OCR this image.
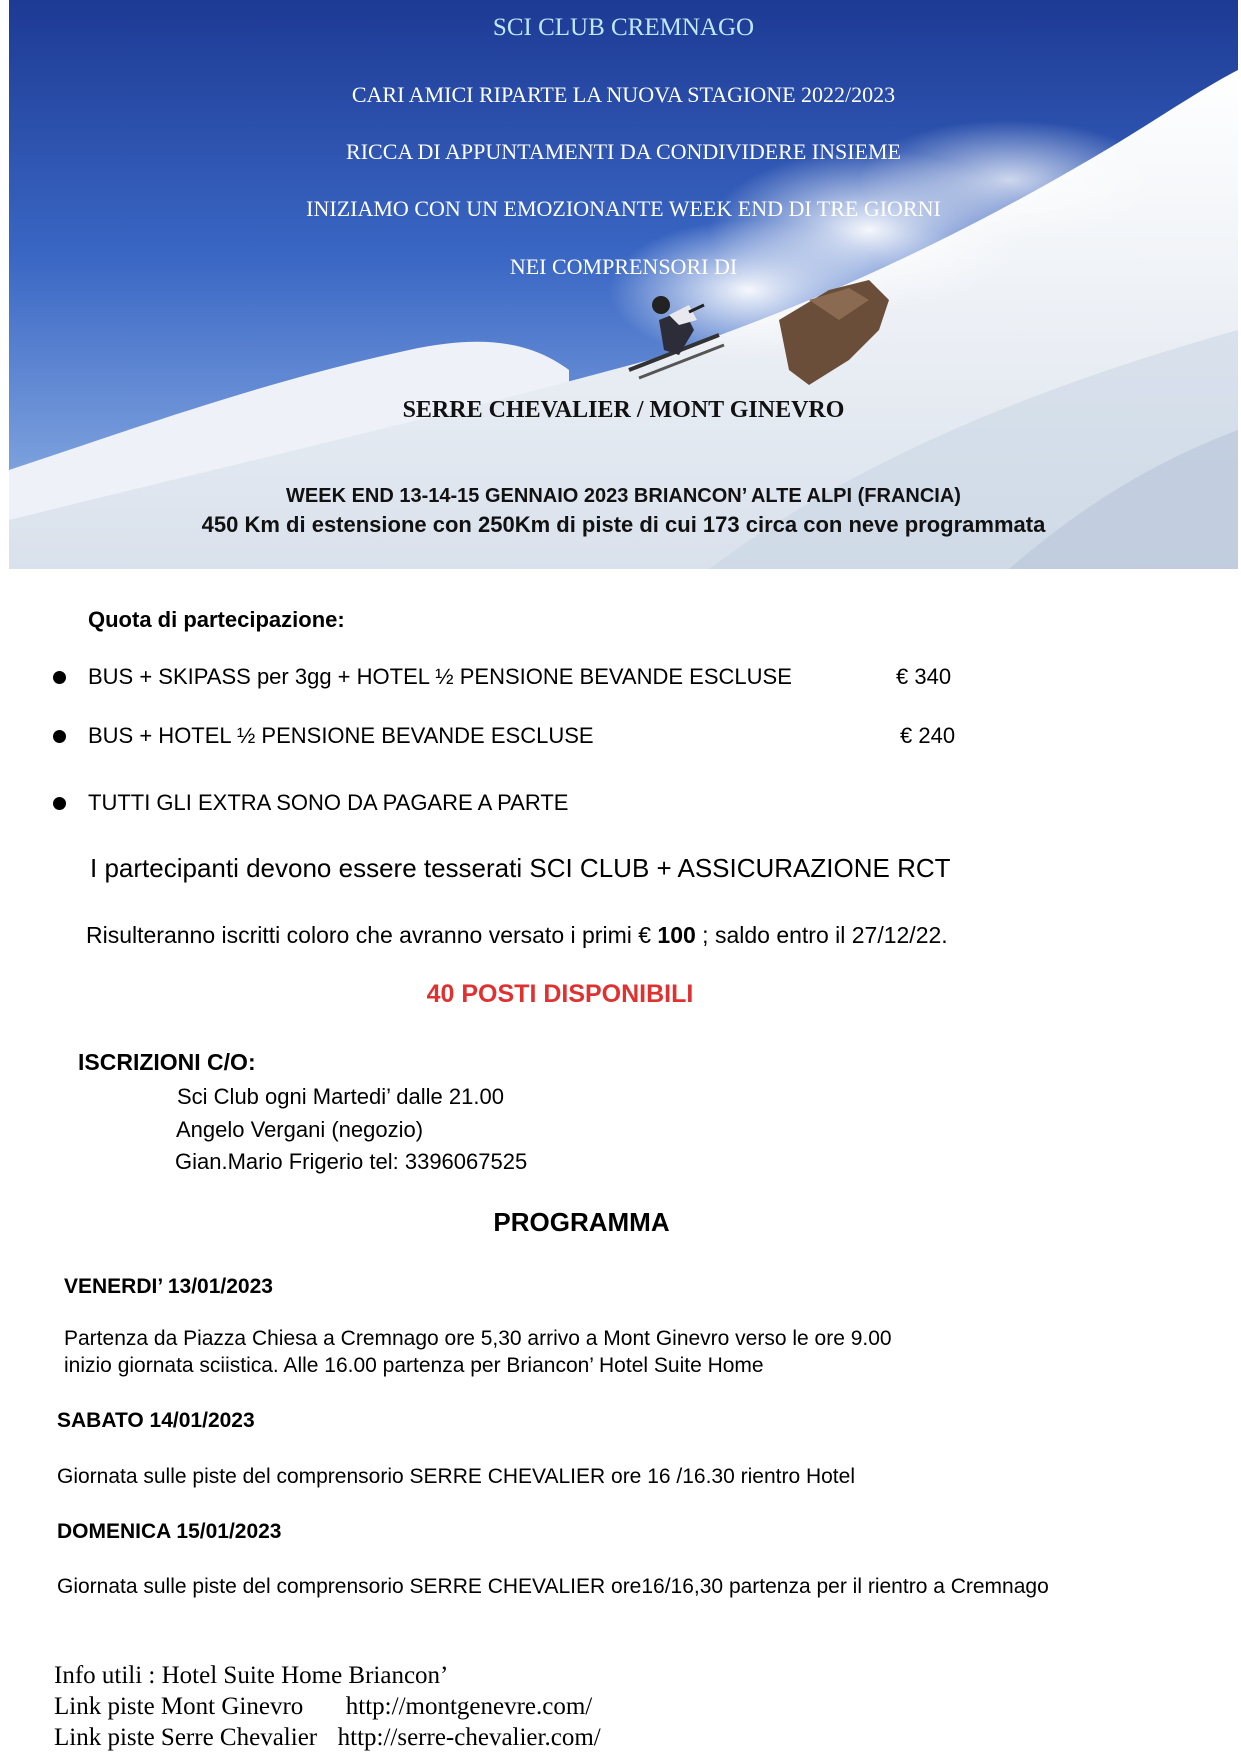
SCI CLUB CREMNAGO
CARI AMICI RIPARTE LA NUOVA STAGIONE 2022/2023
RICCA DI APPUNTAMENTI DA CONDIVIDERE INSIEME
INIZIAMO CON UN EMOZIONANTE WEEK END DI TRE GIORNI
NEI COMPRENSORI DI
SERRE CHEVALIER / MONT GINEVRO
WEEK END 13-14-15 GENNAIO 2023 BRIANCON’ ALTE ALPI (FRANCIA)
450 Km di estensione con 250Km di piste di cui 173 circa con neve programmata
Quota di partecipazione:
BUS + SKIPASS per 3gg + HOTEL ½ PENSIONE BEVANDE ESCLUSE	€ 340
BUS + HOTEL ½ PENSIONE BEVANDE ESCLUSE	€ 240
TUTTI GLI EXTRA SONO DA PAGARE A PARTE
I partecipanti devono essere tesserati SCI CLUB + ASSICURAZIONE RCT
Risulteranno iscritti coloro che avranno versato i primi € 100 ; saldo entro il 27/12/22.
40 POSTI DISPONIBILI
ISCRIZIONI C/O:
Sci Club ogni Martedi’ dalle 21.00
Angelo Vergani (negozio)
Gian.Mario Frigerio tel: 3396067525
PROGRAMMA
VENERDI’ 13/01/2023
Partenza da Piazza Chiesa a Cremnago ore 5,30 arrivo a Mont Ginevro verso le ore 9.00
inizio giornata sciistica. Alle 16.00 partenza per Briancon’ Hotel Suite Home
SABATO 14/01/2023
Giornata sulle piste del comprensorio SERRE CHEVALIER ore 16 /16.30 rientro Hotel
DOMENICA 15/01/2023
Giornata sulle piste del comprensorio SERRE CHEVALIER ore16/16,30 partenza per il rientro a Cremnago
Info utili : Hotel Suite Home Briancon’
Link piste Mont Ginevro http://montgenevre.com/
Link piste Serre Chevalier http://serre-chevalier.com/
